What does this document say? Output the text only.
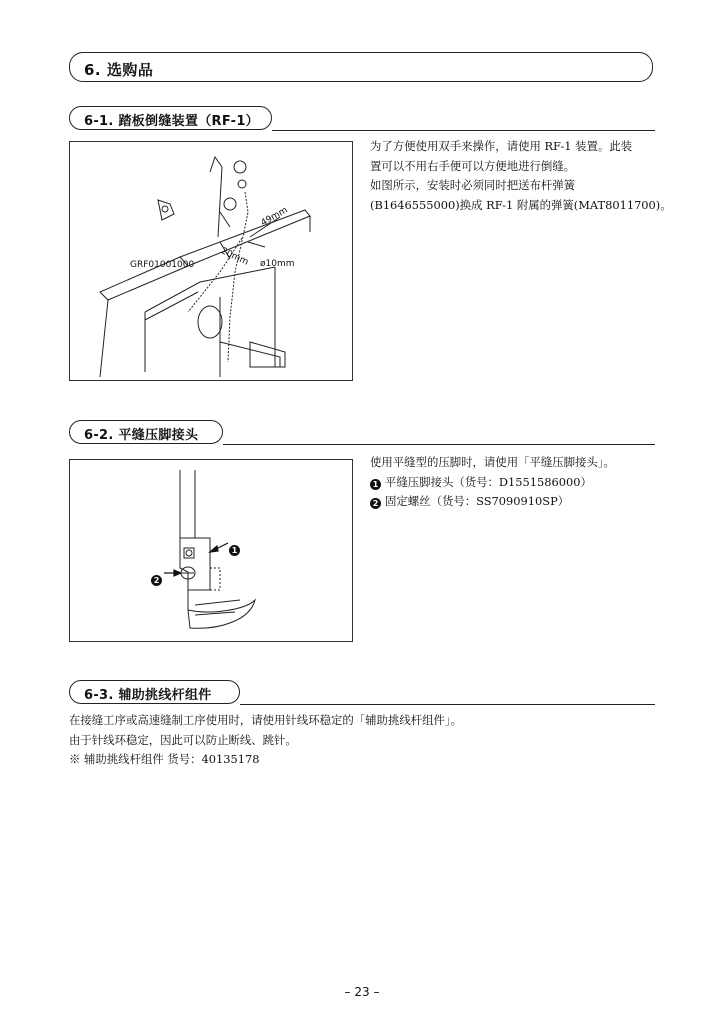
6. 选购品
6-1. 踏板倒缝装置（RF-1）
GRF01001000
49mm
20mm ø10mm
为了方便使用双手来操作，请使用 RF-1 装置。此装
置可以不用右手便可以方便地进行倒缝。
如图所示，安装时必须同时把送布杆弹簧
(B1646555000)换成 RF-1 附属的弹簧(MAT8011700)。
6-2. 平缝压脚接头
1
2
使用平缝型的压脚时，请使用「平缝压脚接头」。
1 平缝压脚接头（货号：D1551586000）
2 固定螺丝（货号：SS7090910SP）
6-3. 辅助挑线杆组件
在接缝工序或高速缝制工序使用时，请使用针线环稳定的「辅助挑线杆组件」。
由于针线环稳定，因此可以防止断线、跳针。
※ 辅助挑线杆组件 货号：40135178
– 23 –
